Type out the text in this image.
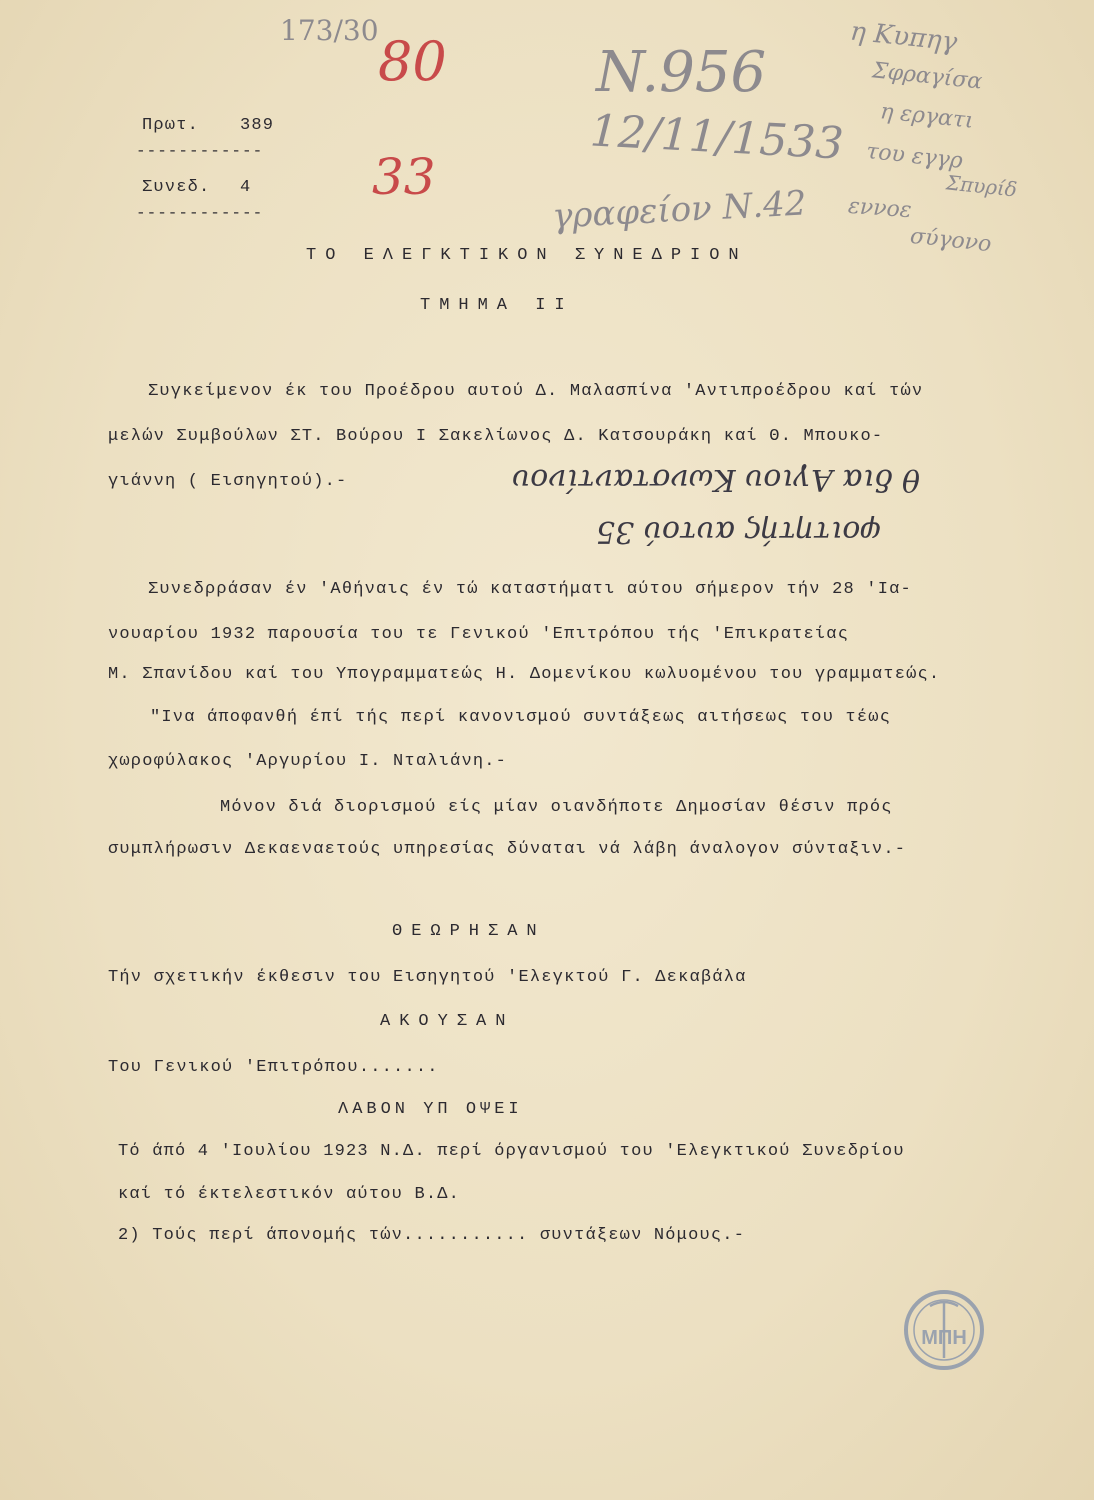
173/30 80
33
N.956
12/11/1533
γραφείον Ν.42
η Κυπηγ
Σφραγίσα
η εργατι
του εγγρ
Σπυρίδ
εννοε
σύγονο
Πρωτ. 389
------------
Συνεδ. 4
------------
ΤΟ ΕΛΕΓΚΤΙΚΟΝ ΣΥΝΕΔΡΙΟΝ
ΤΜΗΜΑ ΙΙ
Συγκείμενον έκ του Προέδρου αυτού Δ. Μαλασπίνα 'Αντιπροέδρου καί τών
μελών Συμβούλων ΣΤ. Βούρου Ι Σακελίωνος Δ. Κατσουράκη καί Θ. Μπουκο-
γιάννη ( Εισηγητού).-	θ δια Αγιου Κωνσταντίνου
φοιτητής αυτού 35
Συνεδρράσαν έν 'Αθήναις έν τώ καταστήματι αύτου σήμερον τήν 28 'Ια-
νουαρίου 1932 παρουσία του τε Γενικού 'Επιτρόπου τής 'Επικρατείας
Μ. Σπανίδου καί του Υπογραμματεώς Η. Δομενίκου κωλυομένου του γραμματεώς.
"Ινα άποφανθή έπί τής περί κανονισμού συντάξεως αιτήσεως του τέως
χωροφύλακος 'Αργυρίου Ι. Νταλιάνη.-
Μόνον διά διορισμού είς μίαν οιανδήποτε Δημοσίαν θέσιν πρός
συμπλήρωσιν Δεκαεναετούς υπηρεσίας δύναται νά λάβη άναλογον σύνταξιν.-
ΘΕΩΡΗΣΑΝ
Τήν σχετικήν έκθεσιν του Εισηγητού 'Ελεγκτού Γ. Δεκαβάλα
ΑΚΟΥΣΑΝ
Του Γενικού 'Επιτρόπου.......
ΛΑΒΟΝ ΥΠ ΟΨΕΙ
Τό άπό 4 'Ιουλίου 1923 Ν.Δ. περί όργανισμού του 'Ελεγκτικού Συνεδρίου
καί τό έκτελεστικόν αύτου Β.Δ.
2) Τούς περί άπονομής τών........... συντάξεων Νόμους.-
ΜΠΗ
